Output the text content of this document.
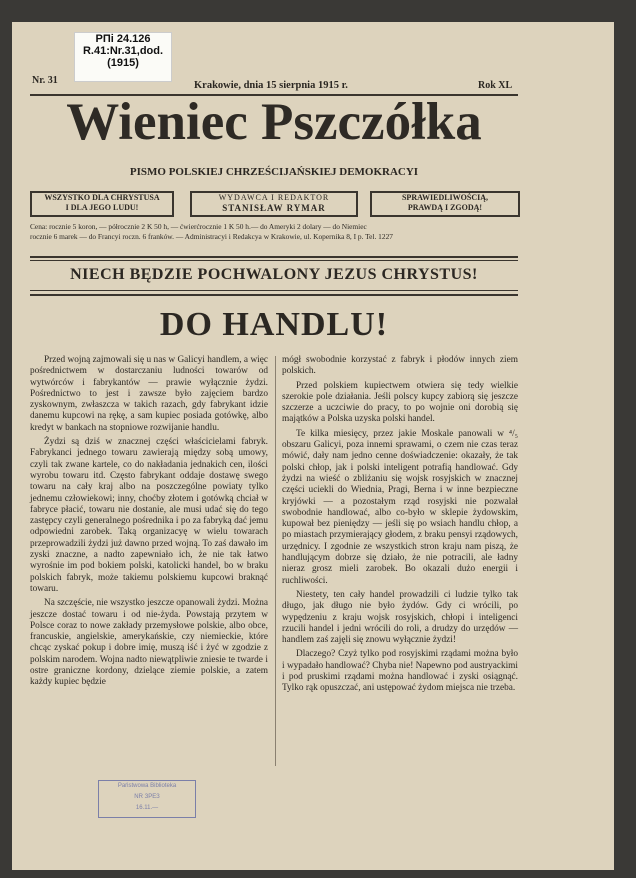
РПі 24.126
R.41:Nr.31,dod.
(1915)
Nr. 31	Krakowie, dnia 15 sierpnia 1915 r.	Rok XL
Wieniec Pszczółka
PISMO POLSKIEJ CHRZEŚCIJAŃSKIEJ DEMOKRACYI
WSZYSTKO DLA CHRYSTUSA
I DLA JEGO LUDU!
WYDAWCA I REDAKTOR
STANISŁAW RYMAR
SPRAWIEDLIWOŚCIĄ,
PRAWDĄ I ZGODĄ!
Cena: rocznie 5 koron, — półrocznie 2 K 50 h, — ćwierćrocznie 1 K 50 h.— do Ameryki 2 dolary — do Niemiec
rocznie 6 marek — do Francyi roczn. 6 franków. — Administracyi i Redakcya w Krakowie, ul. Kopernika 8, I p. Tel. 1227
NIECH BĘDZIE POCHWALONY JEZUS CHRYSTUS!
DO HANDLU!

Przed wojną zajmowali się u nas w Galicyi handlem, a więc pośrednictwem w dostarczaniu ludności towarów od wytwórców i fabrykantów — prawie wyłącznie żydzi. Pośrednictwo to jest i zawsze było zajęciem bardzo zyskownym, zwłaszcza w takich razach, gdy fabrykant idzie danemu kupcowi na rękę, a sam kupiec posiada gotówkę, albo kredyt w bankach na stopniowe rozwijanie handlu.

Żydzi są dziś w znacznej części właścicielami fabryk. Fabrykanci jednego towaru zawierają między sobą umowy, czyli tak zwane kartele, co do nakładania jednakich cen, ilości wyrobu towaru itd. Często fabrykant oddaje dostawę swego towaru na cały kraj albo na poszczególne powiaty tylko jednemu człowiekowi; inny, choćby złotem i gotówką chciał w fabryce płacić, towaru nie dostanie, ale musi udać się do tego zastępcy czyli generalnego pośrednika i po za fabryką dać jemu odpowiedni zarobek. Taką organizacyę w wielu towarach przeprowadzili żydzi już dawno przed wojną. To zaś dawało im zyski znaczne, a nadto zapewniało ich, że nie tak łatwo wyrośnie im pod bokiem polski, katolicki handel, bo w braku polskich fabryk, może takiemu polskiemu kupcowi braknąć towaru.

Na szczęście, nie wszystko jeszcze opanowali żydzi. Można jeszcze dostać towaru i od nie-żyda. Powstają przytem w Polsce coraz to nowe zakłady przemysłowe polskie, albo obce, francuskie, angielskie, amerykańskie, czy niemieckie, które chcąc zyskać pokup i dobre imię, muszą iść i żyć w zgodzie z polskim narodem. Wojna nadto niewątpliwie zniesie te twarde i ostre graniczne kordony, dzielące ziemie polskie, a zatem każdy kupiec będzie

mógł swobodnie korzystać z fabryk i płodów innych ziem polskich.

Przed polskiem kupiectwem otwiera się tedy wielkie szerokie pole działania. Jeśli polscy kupcy zabiorą się jeszcze szczerze a uczciwie do pracy, to po wojnie oni dorobią się majątków a Polska uzyska polski handel.

Te kilka miesięcy, przez jakie Moskale panowali w ⁴/₅ obszaru Galicyi, poza innemi sprawami, o czem nie czas teraz mówić, dały nam jedno cenne doświadczenie: okazały, że tak polski chłop, jak i polski inteligent potrafią handlować. Gdy żydzi na wieść o zbliżaniu się wojsk rosyjskich w znacznej części uciekli do Wiednia, Pragi, Berna i w inne bezpieczne kryjówki — a pozostałym rząd rosyjski nie pozwalał swobodnie handlować, albo co-było w sklepie żydowskim, kupował bez pieniędzy — jeśli się po wsiach handlu chłop, a po miastach przymierający głodem, z braku pensyi rządowych, urzędnicy. I zgodnie ze wszystkich stron kraju nam piszą, że handlującym dobrze się działo, że nie potracili, ale ładny nieraz grosz mieli zarobek. Bo okazali dużo energii i ruchliwości.

Niestety, ten cały handel prowadzili ci ludzie tylko tak długo, jak długo nie było żydów. Gdy ci wrócili, po wypędzeniu z kraju wojsk rosyjskich, chłopi i inteligenci rzucili handel i jedni wrócili do roli, a drudzy do urzędów — handlem zaś zajęli się znowu wyłącznie żydzi!

Dlaczego? Czyż tylko pod rosyjskimi rządami można było i wypadało handlować? Chyba nie! Napewno pod austryackimi i pod pruskimi rządami można handlować i zyski osiągnąć. Tylko rąk opuszczać, ani ustępować żydom miejsca nie trzeba.

Państwowa Biblioteka
NR ЗРЕЗ
16.11.—
